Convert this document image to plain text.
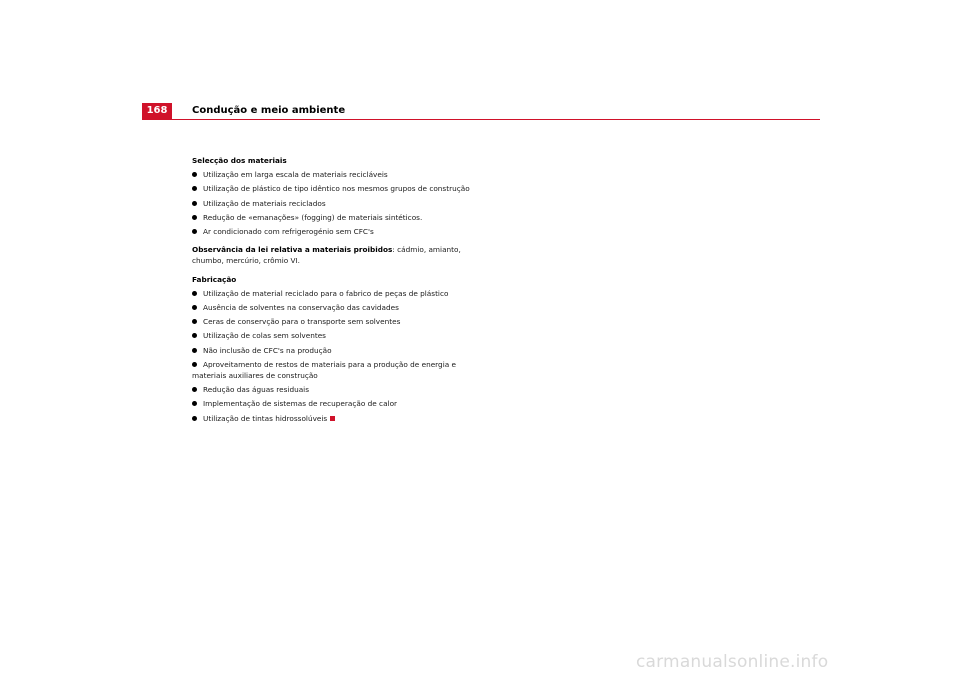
168	Condução e meio ambiente
Selecção dos materiais
Utilização em larga escala de materiais recicláveis
Utilização de plástico de tipo idêntico nos mesmos grupos de construção
Utilização de materiais reciclados
Redução de «emanações» (fogging) de materiais sintéticos.
Ar condicionado com refrigerogénio sem CFC's
Observância da lei relativa a materiais proibidos: cádmio, amianto, chumbo, mercúrio, crômio VI.
Fabricação
Utilização de material reciclado para o fabrico de peças de plástico
Ausência de solventes na conservação das cavidades
Ceras de conservção para o transporte sem solventes
Utilização de colas sem solventes
Não inclusão de CFC's na produção
Aproveitamento de restos de materiais para a produção de energia e materiais auxiliares de construção
Redução das águas residuais
Implementação de sistemas de recuperação de calor
Utilização de tintas hidrossolúveis
carmanualsonline.info
